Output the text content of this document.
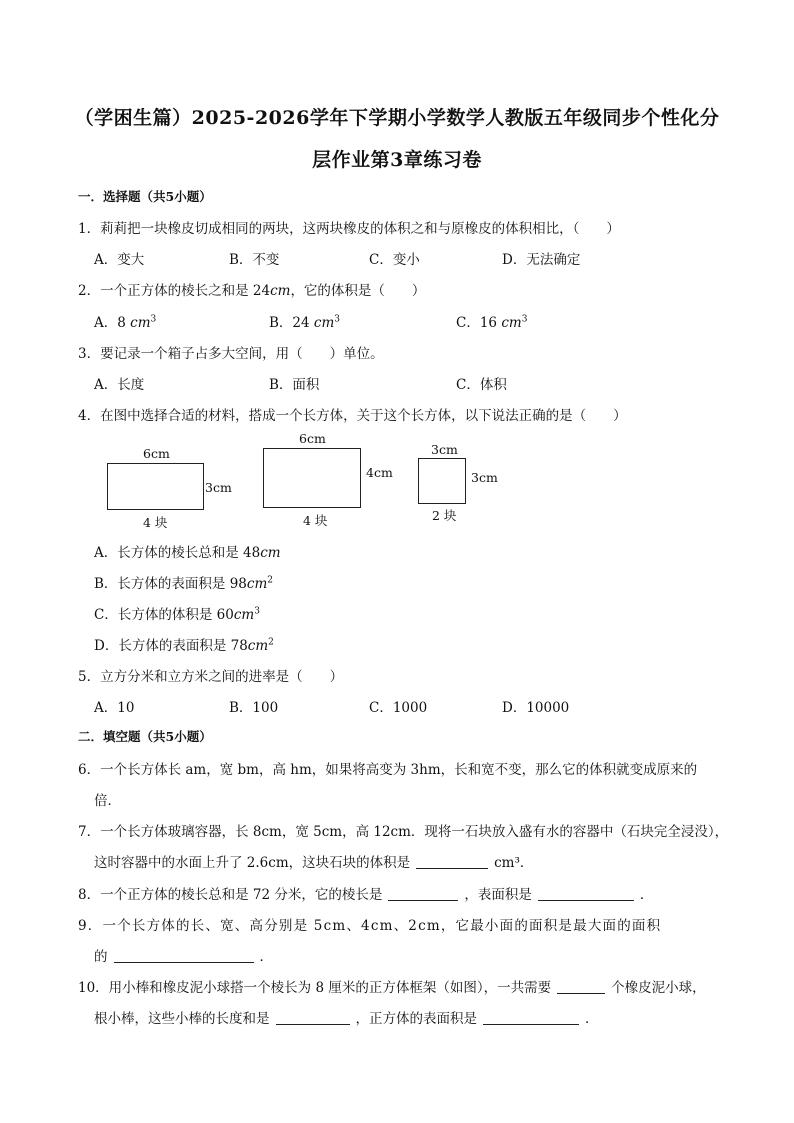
（学困生篇）2025-2026学年下学期小学数学人教版五年级同步个性化分
层作业第3章练习卷
一．选择题（共5小题）
1．莉莉把一块橡皮切成相同的两块，这两块橡皮的体积之和与原橡皮的体积相比，（　　）
A．变大	B．不变	C．变小	D．无法确定
2．一个正方体的棱长之和是 24cm，它的体积是（　　）
A．8 $cm^3$	B．24 $cm^3$	C．16 $cm^3$
3．要记录一个箱子占多大空间，用（　　）单位。
A．长度	B．面积	C．体积
4．在图中选择合适的材料，搭成一个长方体，关于这个长方体，以下说法正确的是（　　）
6cm
3cm
4 块
6cm
4cm
4 块
3cm
3cm
2 块
A．长方体的棱长总和是 48cm
B．长方体的表面积是 $98cm^2$
C．长方体的体积是 $60cm^3$
D．长方体的表面积是 $78cm^2$
5．立方分米和立方米之间的进率是（　　）
A．10	B．100	C．1000	D．10000
二．填空题（共5小题）
6．一个长方体长 am，宽 bm，高 hm，如果将高变为 3hm，长和宽不变，那么它的体积就变成原来的
倍．
7．一个长方体玻璃容器，长 8cm，宽 5cm，高 12cm．现将一石块放入盛有水的容器中（石块完全浸没），
这时容器中的水面上升了 2.6cm，这块石块的体积是	cm³．
8．一个正方体的棱长总和是 72 分米，它的棱长是	，表面积是	．
9．一个长方体的长、宽、高分别是 5cm、4cm、2cm，它最小面的面积是最大面的面积
的	．
10．用小棒和橡皮泥小球搭一个棱长为 8 厘米的正方体框架（如图），一共需要	个橡皮泥小球，
根小棒，这些小棒的长度和是	，正方体的表面积是	．
